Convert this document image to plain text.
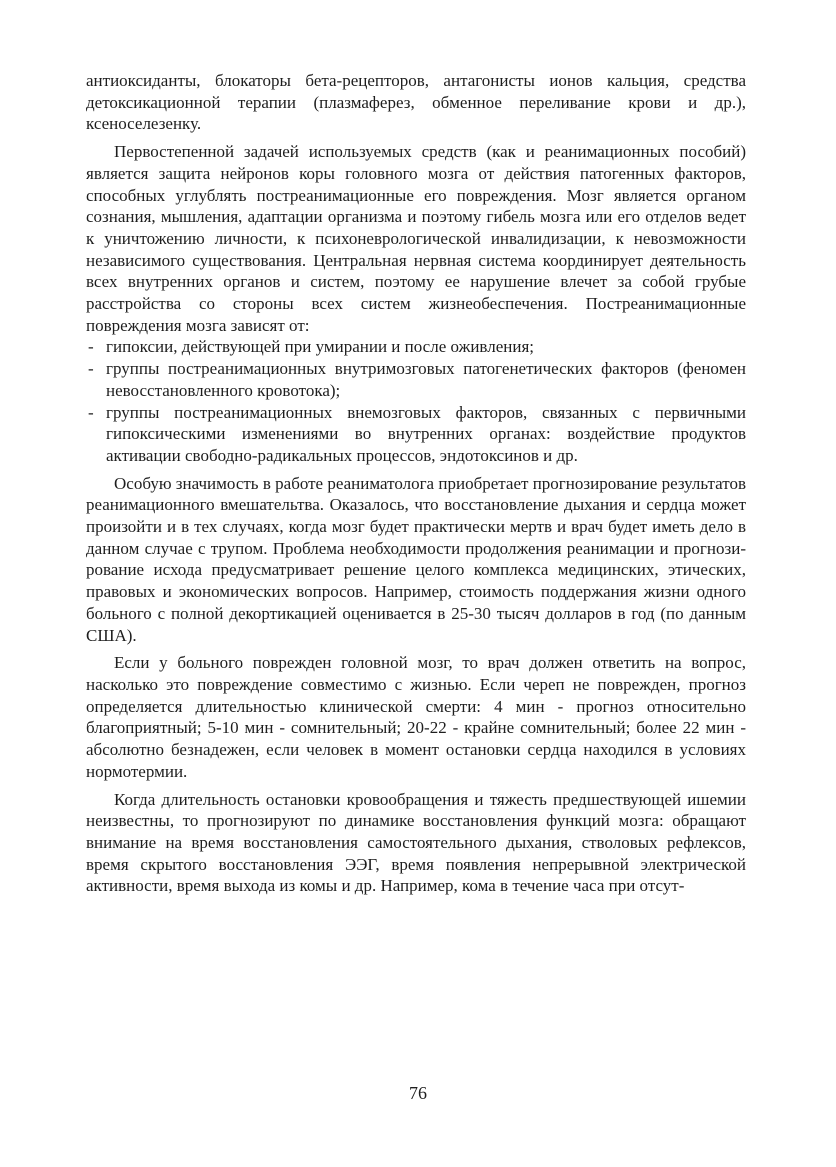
антиоксиданты, блокаторы бета-рецепторов, антагонисты ионов кальция, средства детоксикационной терапии (плазмаферез, обменное переливание крови и др.), ксеноселезенку.

Первостепенной задачей используемых средств (как и реанимационных пособий) является защита нейронов коры головного мозга от действия патогенных факторов, способных углублять постреанимационные его повреждения. Мозг является органом сознания, мышления, адаптации организма и поэтому гибель мозга или его отделов ведет к уничтожению личности, к психоневрологической инвалидизации, к невозможности независимого существования. Центральная нервная система координирует деятельность всех внутренних органов и систем, поэтому ее нарушение влечет за собой грубые расстройства со стороны всех систем жизнеобеспечения. Постреанимационные повреждения мозга зависят от:

- гипоксии, действующей при умирании и после оживления;
- группы постреанимационных внутримозговых патогенетических факторов (феномен невосстановленного кровотока);
- группы постреанимационных внемозговых факторов, связанных с первичными гипоксическими изменениями во внутренних органах: воздействие продуктов активации свободно-радикальных процессов, эндотоксинов и др.

Особую значимость в работе реаниматолога приобретает прогнозирование результатов реанимационного вмешательтва. Оказалось, что восстановление дыхания и сердца может произойти и в тех случаях, когда мозг будет практически мертв и врач будет иметь дело в данном случае с трупом. Проблема необходимости продолжения реанимации и прогнозирование исхода предусматривает решение целого комплекса медицинских, этических, правовых и экономических вопросов. Например, стоимость поддержания жизни одного больного с полной декортикацией оценивается в 25-30 тысяч долларов в год (по данным США).

Если у больного поврежден головной мозг, то врач должен ответить на вопрос, насколько это повреждение совместимо с жизнью. Если череп не поврежден, прогноз определяется длительностью клинической смерти: 4 мин - прогноз относительно благоприятный; 5-10 мин - сомнительный; 20-22 - крайне сомнительный; более 22 мин - абсолютно безнадежен, если человек в момент остановки сердца находился в условиях нормотермии.

Когда длительность остановки кровообращения и тяжесть предшествующей ишемии неизвестны, то прогнозируют по динамике восстановления функций мозга: обращают внимание на время восстановления самостоятельного дыхания, стволовых рефлексов, время скрытого восстановления ЭЭГ, время появления непрерывной электрической активности, время выхода из комы и др. Например, кома в течение часа при отсут-

76
